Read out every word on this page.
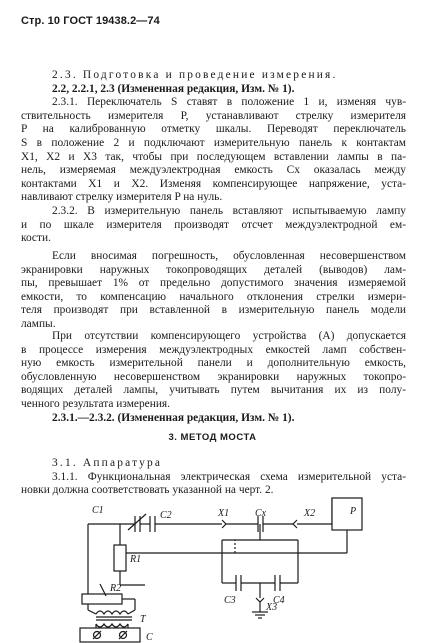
Стр. 10 ГОСТ 19438.2—74
2.3. Подготовка и проведение измерения.
2.2, 2.2.1, 2.3 (Измененная редакция, Изм. № 1).
2.3.1. Переключатель S ставят в положение 1 и, изменяя чув-
ствительность измерителя P, устанавливают стрелку измерителя
P на калиброванную отметку шкалы. Переводят переключатель
S в положение 2 и подключают измерительную панель к контактам
X1, X2 и X3 так, чтобы при последующем вставлении лампы в па-
нель, измеряемая междуэлектродная емкость Cx оказалась между
контактами X1 и X2. Изменяя компенсирующее напряжение, уста-
навливают стрелку измерителя P на нуль.
2.3.2. В измерительную панель вставляют испытываемую лампу
и по шкале измерителя производят отсчет междуэлектродной ем-
кости.
Если вносимая погрешность, обусловленная несовершенством
экранировки наружных токопроводящих деталей (выводов) лам-
пы, превышает 1% от предельно допустимого значения измеряемой
емкости, то компенсацию начального отклонения стрелки измери-
теля производят при вставленной в измерительную панель модели
лампы.
При отсутствии компенсирующего устройства (A) допускается
в процессе измерения междуэлектродных емкостей ламп собствен-
ную емкость измерительной панели и дополнительную емкость,
обусловленную несовершенством экранировки наружных токопро-
водящих деталей лампы, учитывать путем вычитания их из полу-
ченного результата измерения.
2.3.1.—2.3.2. (Измененная редакция, Изм. № 1).
3. МЕТОД МОСТА
3.1. Аппаратура
3.1.1. Функциональная электрическая схема измерительной уста-
новки должна соответствовать указанной на черт. 2.
C1	C2	X1	Cx	X2
R1
R2
C3	C4
X3
P
T
C
